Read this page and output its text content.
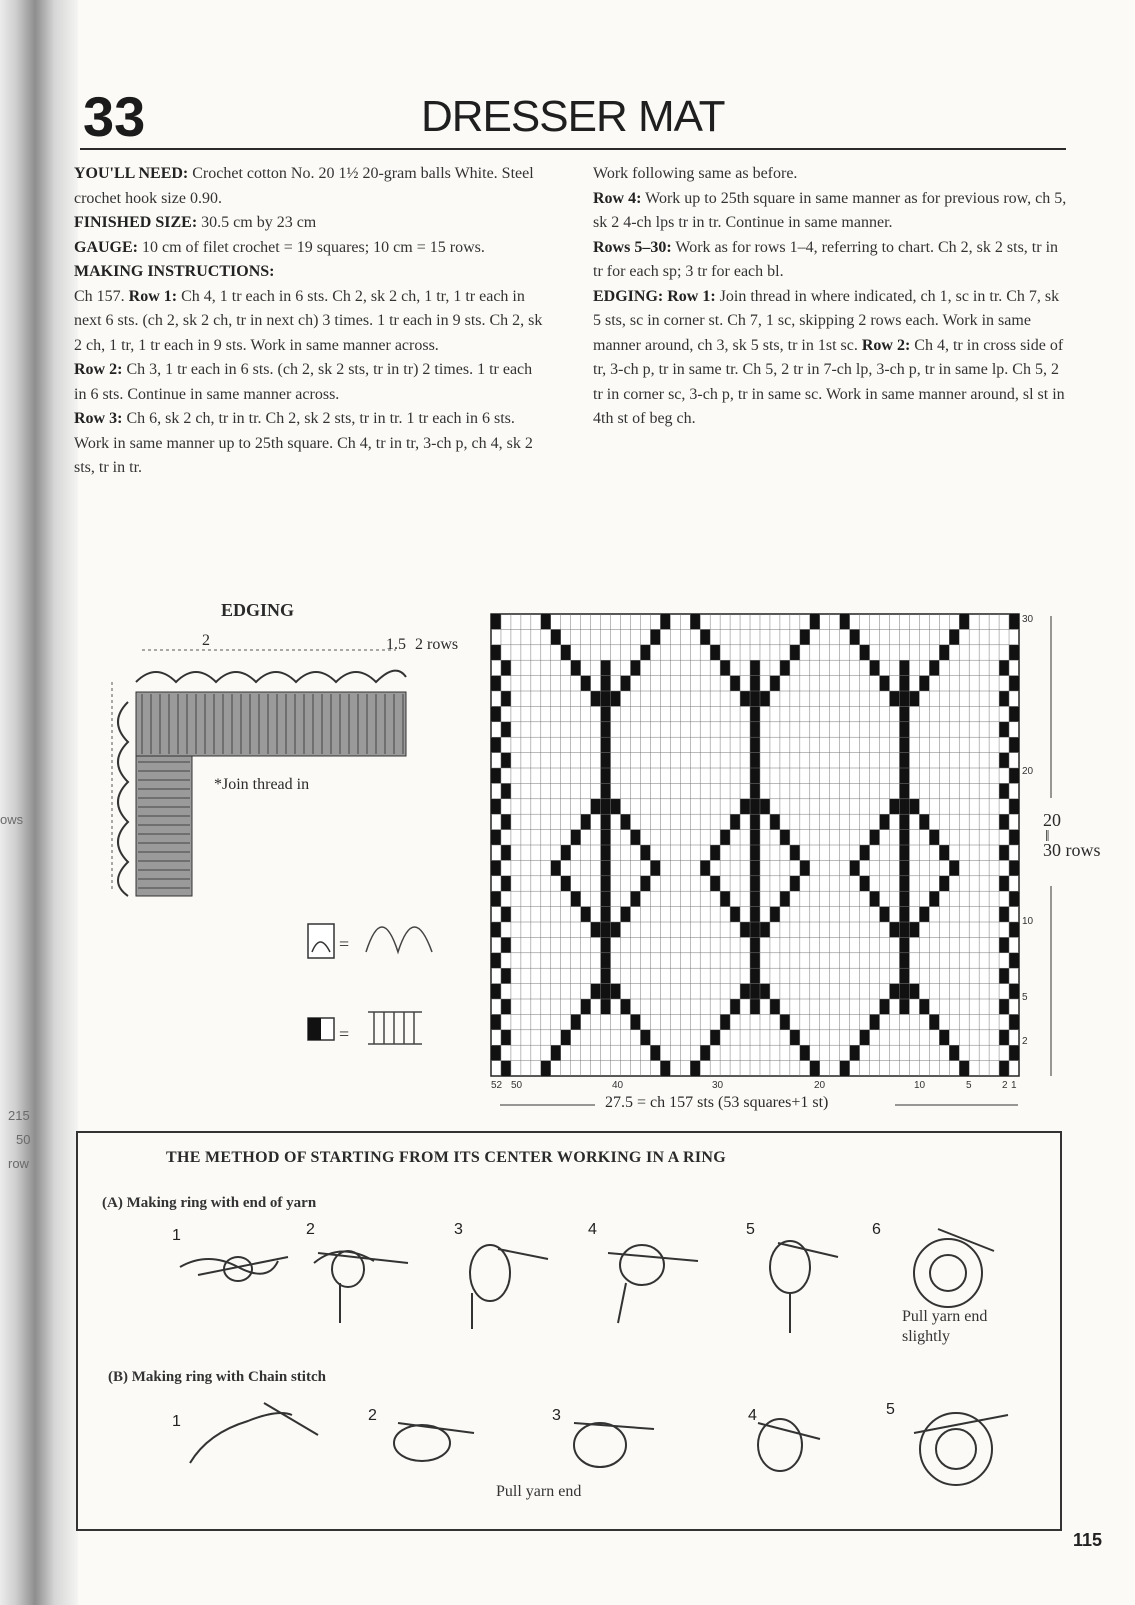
ows
215
50
row
33	DRESSER MAT

YOU'LL NEED: Crochet cotton No. 20 1½ 20-gram balls White. Steel crochet hook size 0.90.

FINISHED SIZE: 30.5 cm by 23 cm

GAUGE: 10 cm of filet crochet = 19 squares; 10 cm = 15 rows.

MAKING INSTRUCTIONS:

Ch 157. Row 1: Ch 4, 1 tr each in 6 sts. Ch 2, sk 2 ch, 1 tr, 1 tr each in next 6 sts. (ch 2, sk 2 ch, tr in next ch) 3 times. 1 tr each in 9 sts. Ch 2, sk 2 ch, 1 tr, 1 tr each in 9 sts. Work in same manner across.

Row 2: Ch 3, 1 tr each in 6 sts. (ch 2, sk 2 sts, tr in tr) 2 times. 1 tr each in 6 sts. Continue in same manner across.

Row 3: Ch 6, sk 2 ch, tr in tr. Ch 2, sk 2 sts, tr in tr. 1 tr each in 6 sts. Work in same manner up to 25th square. Ch 4, tr in tr, 3-ch p, ch 4, sk 2 sts, tr in tr.

Work following same as before.

Row 4: Work up to 25th square in same manner as for previous row, ch 5, sk 2 4-ch lps tr in tr. Continue in same manner.

Rows 5–30: Work as for rows 1–4, referring to chart. Ch 2, sk 2 sts, tr in tr for each sp; 3 tr for each bl.

EDGING: Row 1: Join thread in where indicated, ch 1, sc in tr. Ch 7, sk 5 sts, sc in corner st. Ch 7, 1 sc, skipping 2 rows each. Work in same manner around, ch 3, sk 5 sts, tr in 1st sc. Row 2: Ch 4, tr in cross side of tr, 3-ch p, tr in same tr. Ch 5, 2 tr in 7-ch lp, 3-ch p, tr in same lp. Ch 5, 2 tr in corner sc, 3-ch p, tr in same sc. Work in same manner around, sl st in 4th st of beg ch.

EDGING
2	1.5 2 rows
*Join thread in
=
=
30
20
10
5
2
20
‖
30 rows
52 50	40	30	20	10	5	2 1
27.5 = ch 157 sts (53 squares+1 st)
THE METHOD OF STARTING FROM ITS CENTER WORKING IN A RING
(A) Making ring with end of yarn
1	2	3	4	5	6
Pull yarn end slightly
(B) Making ring with Chain stitch
1	2	3	4	5
Pull yarn end
115
